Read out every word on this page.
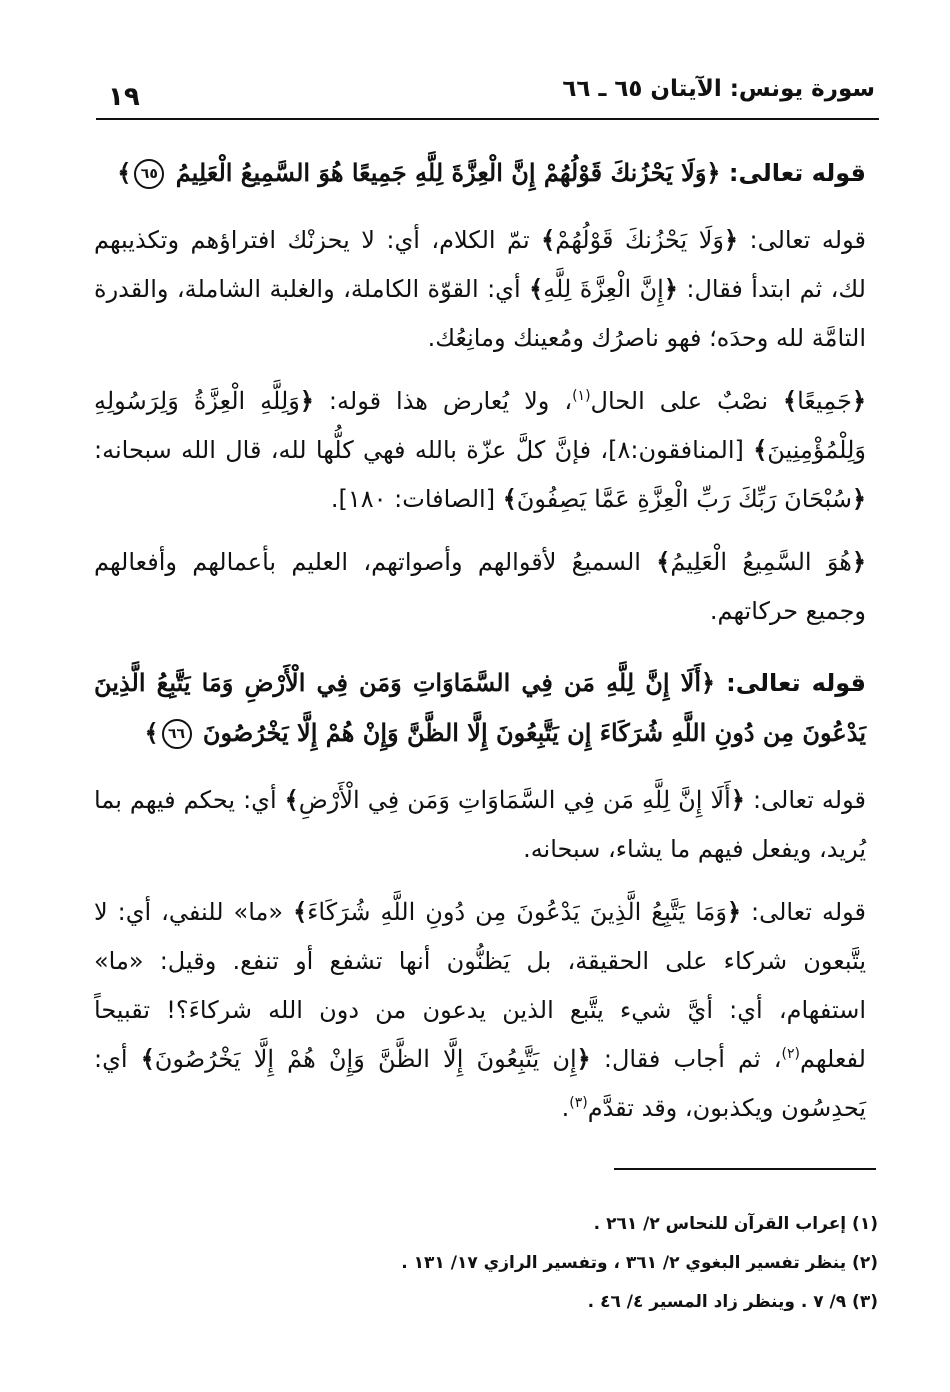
سورة يونس: الآيتان ٦٥ ـ ٦٦
١٩

قوله تعالى: ﴿وَلَا يَحْزُنكَ قَوْلُهُمْ إِنَّ الْعِزَّةَ لِلَّهِ جَمِيعًا هُوَ السَّمِيعُ الْعَلِيمُ ٦٥﴾

قوله تعالى: ﴿وَلَا يَحْزُنكَ قَوْلُهُمْ﴾ تمّ الكلام، أي: لا يحزنْك افتراؤهم وتكذيبهم لك، ثم ابتدأ فقال: ﴿إِنَّ الْعِزَّةَ لِلَّهِ﴾ أي: القوّة الكاملة، والغلبة الشاملة، والقدرة التامَّة لله وحدَه؛ فهو ناصرُك ومُعينك ومانِعُك.

﴿جَمِيعًا﴾ نصْبٌ على الحال$^{(١)}$، ولا يُعارض هذا قوله: ﴿وَلِلَّهِ الْعِزَّةُ وَلِرَسُولِهِ وَلِلْمُؤْمِنِينَ﴾ [المنافقون:٨]، فإنَّ كلَّ عزّة بالله فهي كلُّها لله، قال الله سبحانه: ﴿سُبْحَانَ رَبِّكَ رَبِّ الْعِزَّةِ عَمَّا يَصِفُونَ﴾ [الصافات: ١٨٠].

﴿هُوَ السَّمِيعُ الْعَلِيمُ﴾ السميعُ لأقوالهم وأصواتهم، العليم بأعمالهم وأفعالهم وجميع حركاتهم.

قوله تعالى: ﴿أَلَا إِنَّ لِلَّهِ مَن فِي السَّمَاوَاتِ وَمَن فِي الْأَرْضِ وَمَا يَتَّبِعُ الَّذِينَ يَدْعُونَ مِن دُونِ اللَّهِ شُرَكَاءَ إِن يَتَّبِعُونَ إِلَّا الظَّنَّ وَإِنْ هُمْ إِلَّا يَخْرُصُونَ ٦٦﴾

قوله تعالى: ﴿أَلَا إِنَّ لِلَّهِ مَن فِي السَّمَاوَاتِ وَمَن فِي الْأَرْضِ﴾ أي: يحكم فيهم بما يُريد، ويفعل فيهم ما يشاء، سبحانه.

قوله تعالى: ﴿وَمَا يَتَّبِعُ الَّذِينَ يَدْعُونَ مِن دُونِ اللَّهِ شُرَكَاءَ﴾ «ما» للنفي، أي: لا يتَّبعون شركاء على الحقيقة، بل يَظنُّون أنها تشفع أو تنفع. وقيل: «ما» استفهام، أي: أيَّ شيء يتَّبع الذين يدعون من دون الله شركاءَ؟! تقبيحاً لفعلهم$^{(٢)}$، ثم أجاب فقال: ﴿إِن يَتَّبِعُونَ إِلَّا الظَّنَّ وَإِنْ هُمْ إِلَّا يَخْرُصُونَ﴾ أي: يَحدِسُون ويكذبون، وقد تقدَّم$^{(٣)}$.

(١) إعراب القرآن للنحاس ٢/ ٢٦١ .

(٢) ينظر تفسير البغوي ٢/ ٣٦١ ، وتفسير الرازي ١٧/ ١٣١ .

(٣) ٩/ ٧ . وينظر زاد المسير ٤/ ٤٦ .
